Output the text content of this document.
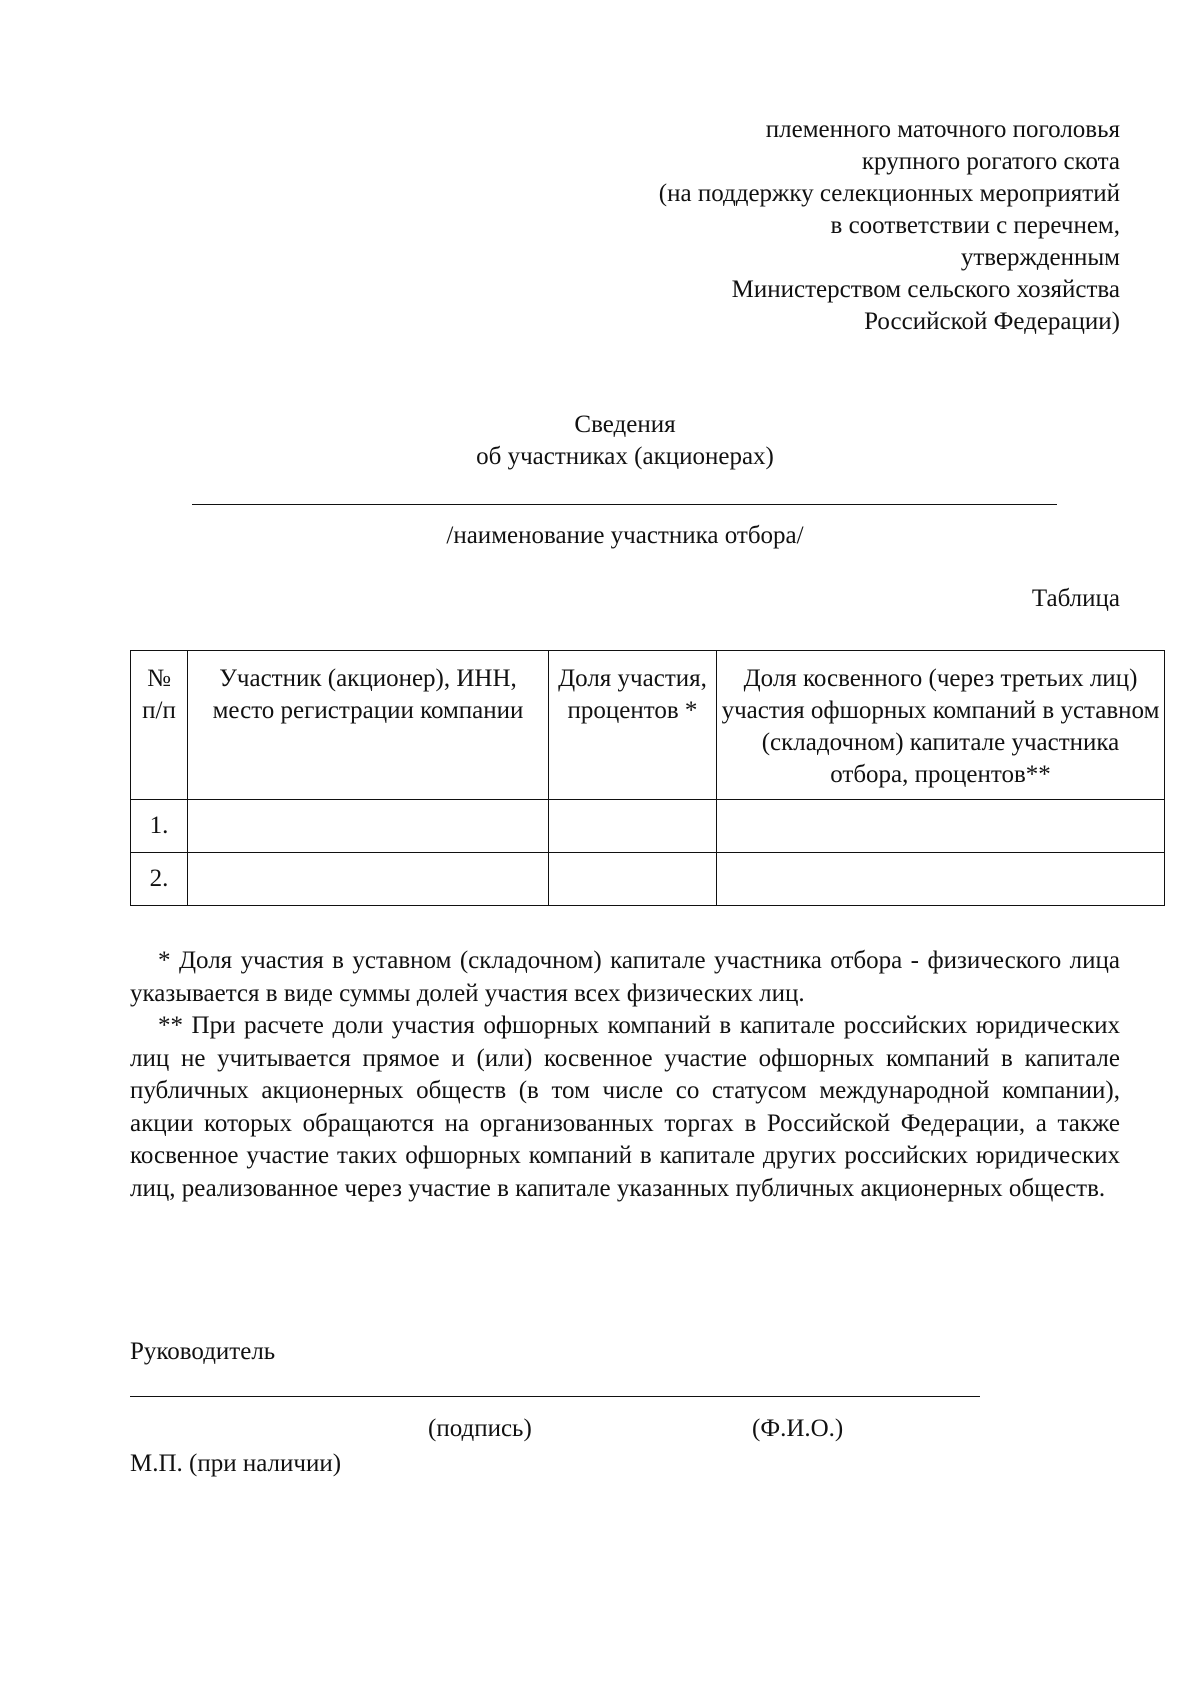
племенного маточного поголовья
крупного рогатого скота
(на поддержку селекционных мероприятий
в соответствии с перечнем,
утвержденным
Министерством сельского хозяйства
Российской Федерации)
Сведения
об участниках (акционерах)
/наименование участника отбора/
Таблица
№ п/п	Участник (акционер), ИНН, место регистрации компании	Доля участия, процентов *	Доля косвенного (через третьих лиц) участия офшорных компаний в уставном (складочном) капитале участника отбора, процентов**
1.			
2.			

* Доля участия в уставном (складочном) капитале участника отбора - физического лица указывается в виде суммы долей участия всех физических лиц.

** При расчете доли участия офшорных компаний в капитале российских юридических лиц не учитывается прямое и (или) косвенное участие офшорных компаний в капитале публичных акционерных обществ (в том числе со статусом международной компании), акции которых обращаются на организованных торгах в Российской Федерации, а также косвенное участие таких офшорных компаний в капитале других российских юридических лиц, реализованное через участие в капитале указанных публичных акционерных обществ.

Руководитель
(подпись)	(Ф.И.О.)
М.П. (при наличии)
